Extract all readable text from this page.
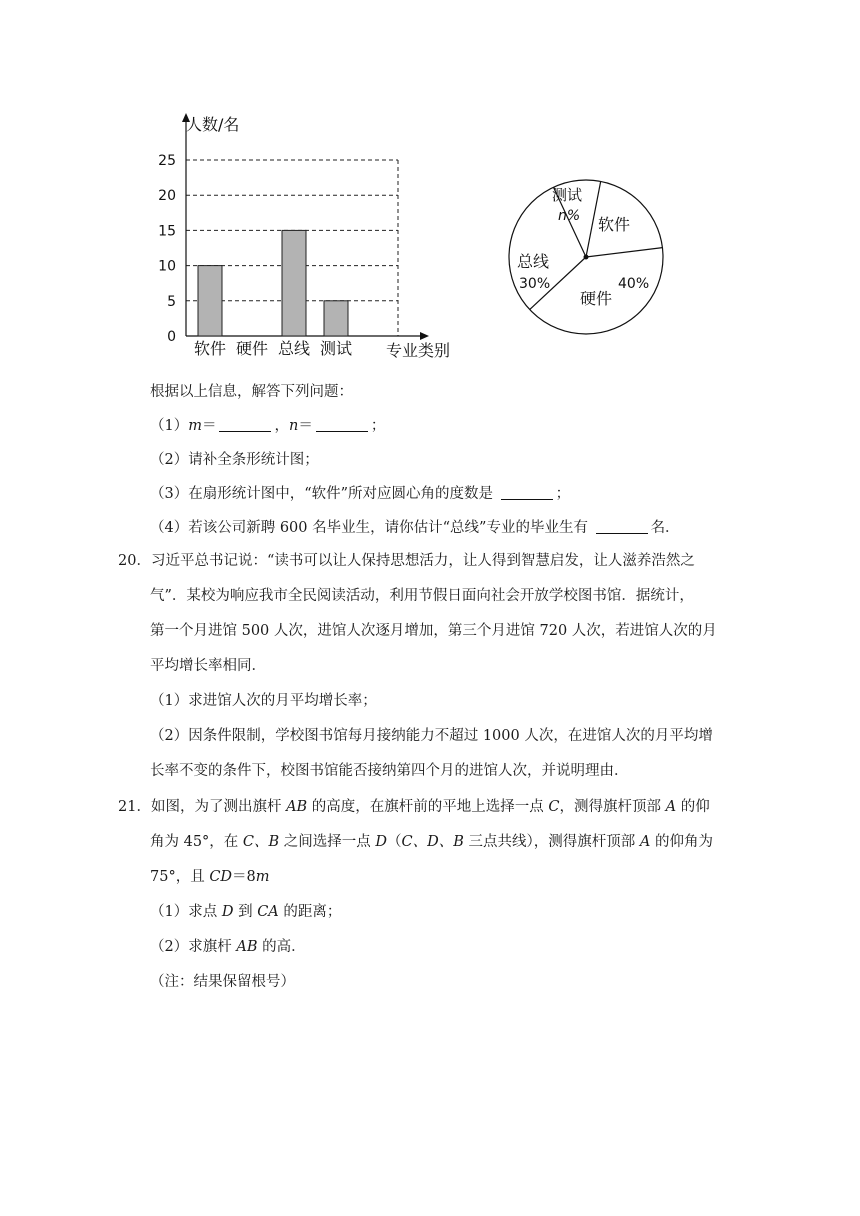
0
5
10
15
20
25
软件 硬件 总线 测试
人数/名
专业类别
软件
硬件
40%
总线
30%
测试
n%
根据以上信息，解答下列问题：
（1）m＝	，n＝	；
（2）请补全条形统计图；
（3）在扇形统计图中，“软件”所对应圆心角的度数是	；
（4）若该公司新聘 600 名毕业生，请你估计“总线”专业的毕业生有	名．
20．习近平总书记说：“读书可以让人保持思想活力，让人得到智慧启发，让人滋养浩然之
气”．某校为响应我市全民阅读活动，利用节假日面向社会开放学校图书馆．据统计，
第一个月进馆 500 人次，进馆人次逐月增加，第三个月进馆 720 人次，若进馆人次的月
平均增长率相同．
（1）求进馆人次的月平均增长率；
（2）因条件限制，学校图书馆每月接纳能力不超过 1000 人次，在进馆人次的月平均增
长率不变的条件下，校图书馆能否接纳第四个月的进馆人次，并说明理由．
21．如图，为了测出旗杆 AB 的高度，在旗杆前的平地上选择一点 C，测得旗杆顶部 A 的仰
角为 45°，在 C、B 之间选择一点 D（C、D、B 三点共线），测得旗杆顶部 A 的仰角为
75°，且 CD＝8m
（1）求点 D 到 CA 的距离；
（2）求旗杆 AB 的高．
（注：结果保留根号）
